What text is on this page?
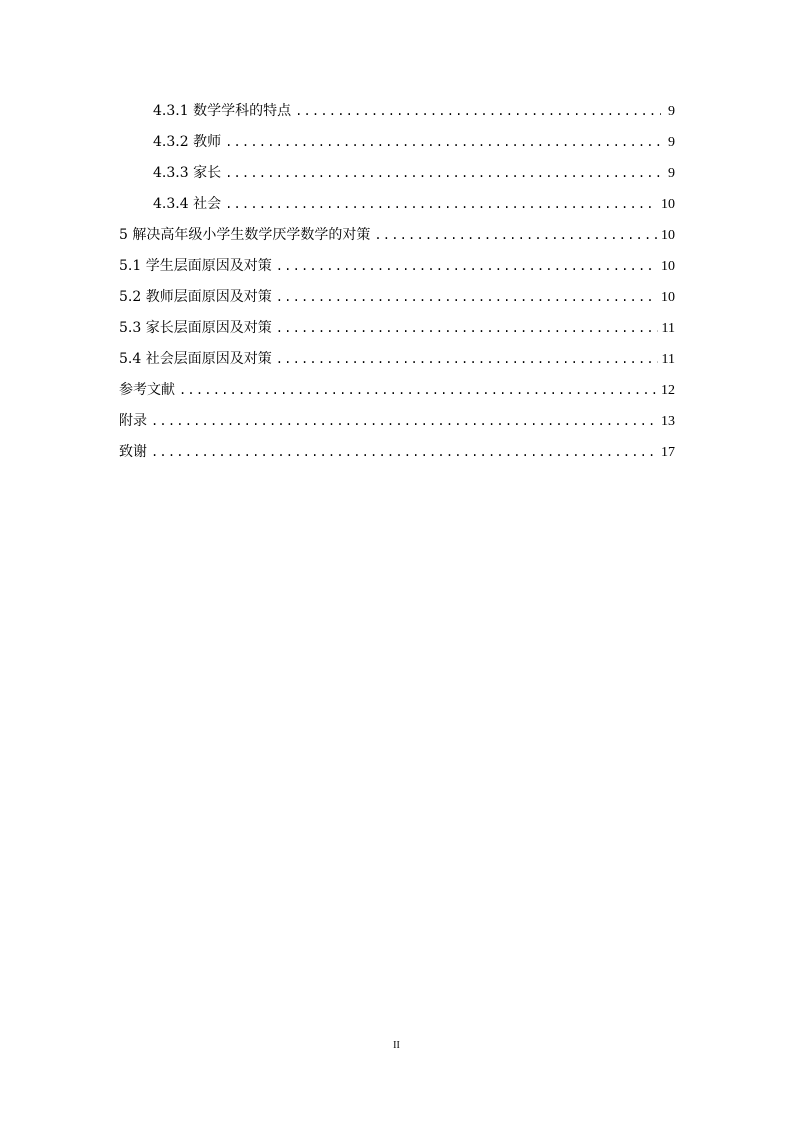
4.3.1 数学学科的特点 .....	9
4.3.2 教师 .....	9
4.3.3 家长 .....	9
4.3.4 社会 .....	10
5 解决高年级小学生数学厌学数学的对策 .....	10
5.1 学生层面原因及对策 .....	10
5.2 教师层面原因及对策 .....	10
5.3 家长层面原因及对策 .....	11
5.4 社会层面原因及对策 .....	11
参考文献 .....	12
附录 .....	13
致谢 .....	17
II
